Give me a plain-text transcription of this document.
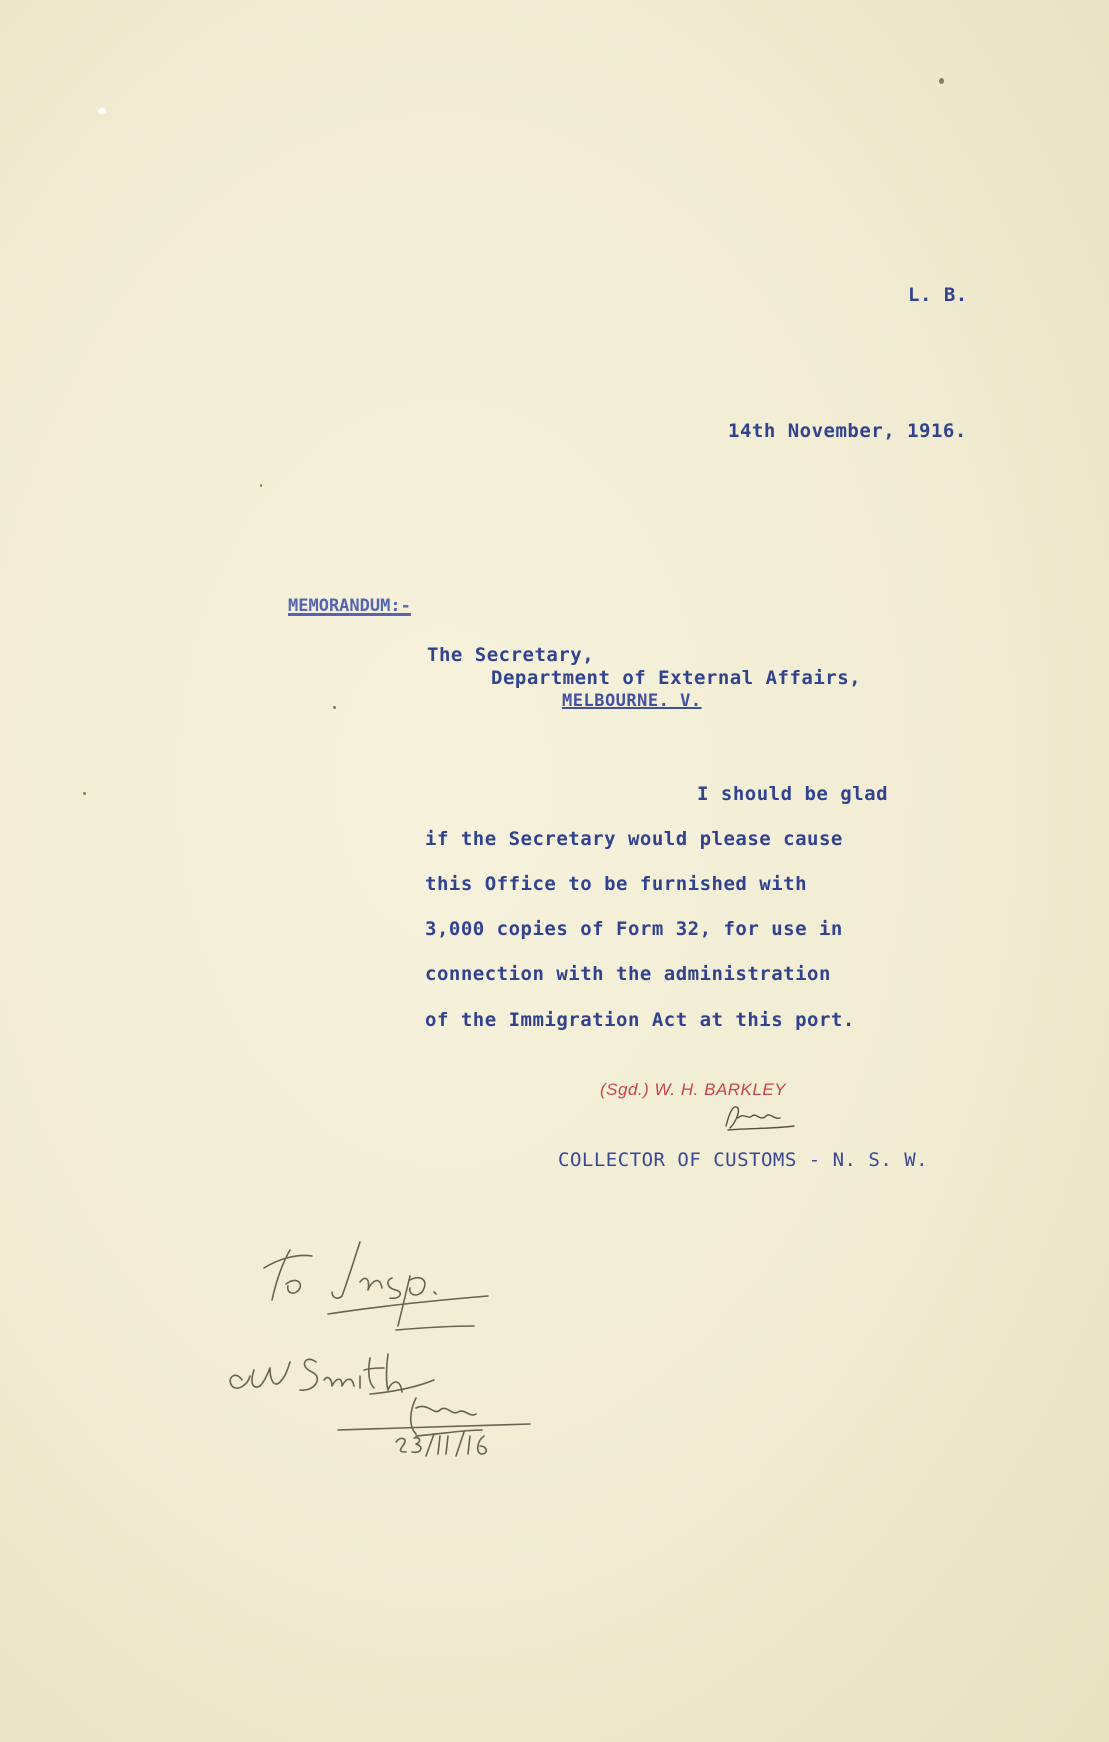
L. B.
14th November, 1916.
MEMORANDUM:-
The Secretary,
Department of External Affairs,
MELBOURNE. V.
I should be glad
if the Secretary would please cause
this Office to be furnished with
3,000 copies of Form 32, for use in
connection with the administration
of the Immigration Act at this port.
(Sgd.) W. H. BARKLEY
COLLECTOR OF CUSTOMS - N. S. W.
